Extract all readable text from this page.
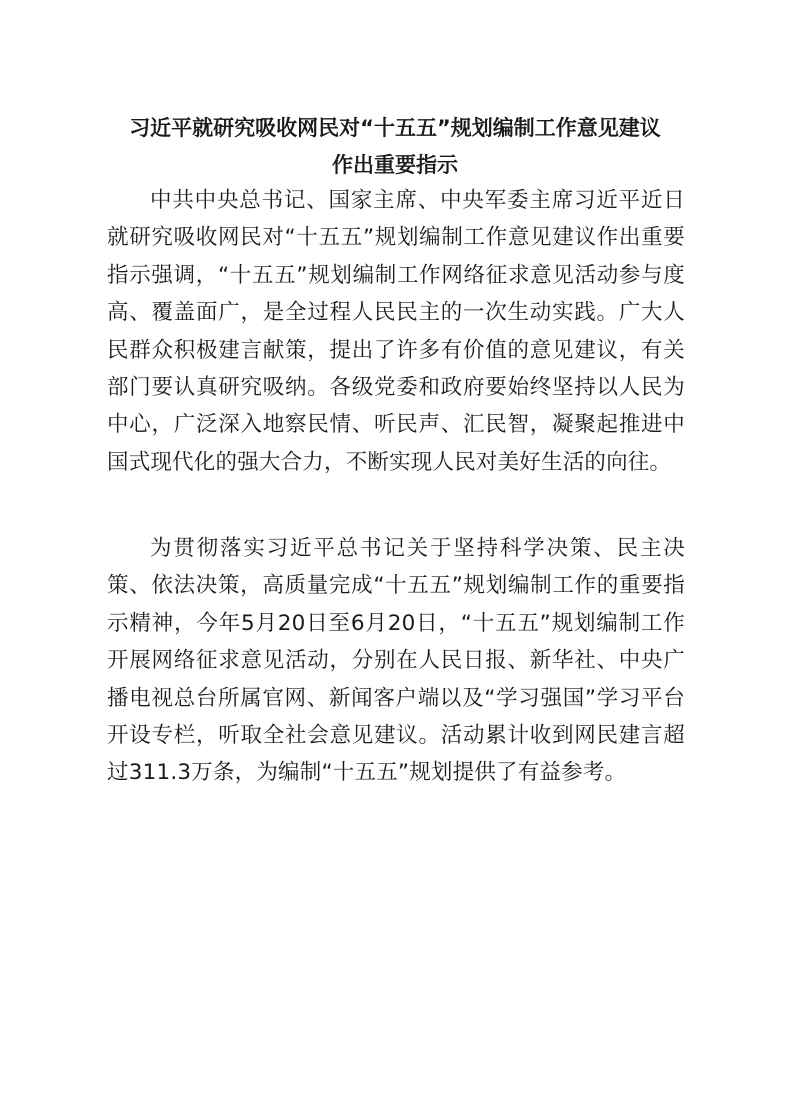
习近平就研究吸收网民对“十五五”规划编制工作意见建议
作出重要指示

中共中央总书记、国家主席、中央军委主席习近平近日就研究吸收网民对“十五五”规划编制工作意见建议作出重要指示强调，“十五五”规划编制工作网络征求意见活动参与度高、覆盖面广，是全过程人民民主的一次生动实践。广大人民群众积极建言献策，提出了许多有价值的意见建议，有关部门要认真研究吸纳。各级党委和政府要始终坚持以人民为中心，广泛深入地察民情、听民声、汇民智，凝聚起推进中国式现代化的强大合力，不断实现人民对美好生活的向往。

为贯彻落实习近平总书记关于坚持科学决策、民主决策、依法决策，高质量完成“十五五”规划编制工作的重要指示精神，今年5月20日至6月20日，“十五五”规划编制工作开展网络征求意见活动，分别在人民日报、新华社、中央广播电视总台所属官网、新闻客户端以及“学习强国”学习平台开设专栏，听取全社会意见建议。活动累计收到网民建言超过311.3万条，为编制“十五五”规划提供了有益参考。
